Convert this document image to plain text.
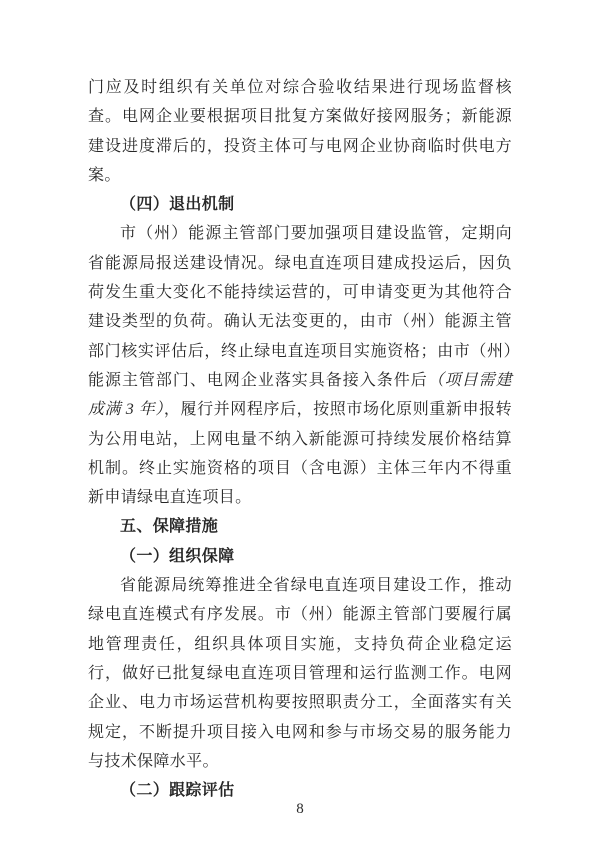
门应及时组织有关单位对综合验收结果进行现场监督核查。电网企业要根据项目批复方案做好接网服务；新能源建设进度滞后的，投资主体可与电网企业协商临时供电方案。

（四）退出机制

市（州）能源主管部门要加强项目建设监管，定期向省能源局报送建设情况。绿电直连项目建成投运后，因负荷发生重大变化不能持续运营的，可申请变更为其他符合建设类型的负荷。确认无法变更的，由市（州）能源主管部门核实评估后，终止绿电直连项目实施资格；由市（州）能源主管部门、电网企业落实具备接入条件后（项目需建成满 3 年），履行并网程序后，按照市场化原则重新申报转为公用电站，上网电量不纳入新能源可持续发展价格结算机制。终止实施资格的项目（含电源）主体三年内不得重新申请绿电直连项目。

五、保障措施
（一）组织保障

省能源局统筹推进全省绿电直连项目建设工作，推动绿电直连模式有序发展。市（州）能源主管部门要履行属地管理责任，组织具体项目实施，支持负荷企业稳定运行，做好已批复绿电直连项目管理和运行监测工作。电网企业、电力市场运营机构要按照职责分工，全面落实有关规定，不断提升项目接入电网和参与市场交易的服务能力与技术保障水平。

（二）跟踪评估
8
